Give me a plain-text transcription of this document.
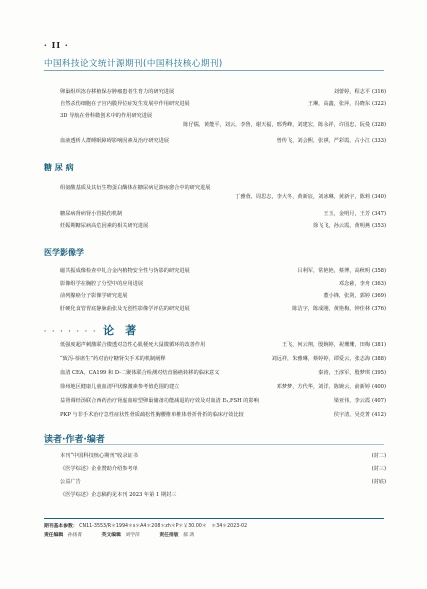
· II ·
中国科技论文统计源期刊(中国科技核心期刊)
卵巢组织冻存移植保存肿瘤患者生育力的研究进展	刘蕾婷，程志平 (316)
自然杀伤细胞在子宫内膜异位症发生发展中作用研究进展	王琳，高鑫，张萍，冯晓东 (322)
3D 导航在骨科微创术中的作用研究进展
陈仔儒，黄能平，刘云，李鲁，谢天福，邢秀峰，刘建宏，陈永祥，许国忠，阮曼 (328)
血液透析人群睡眠障碍影响因素及治疗研究进展	曾传飞，刘会熙，张祺，严彩霞，占小江 (333)
糖 尿 病
组氨酸基质及其衍生物蛋白酶体在糖尿病足溃疡愈合中的研究进展
丁雅蓉，周思志，李大冬，黄新宸，刘冰琳，黄新宇，陈莉 (340)
糖尿病肾病肾小管损伤机制	王玉，金明月，王芳 (347)
妊娠期糖尿病高危因素的相关研究进展	徐飞飞，孙云霞，黄明燕 (353)
医学影像学
磁共振成像检查中钆合金内植物安全性与伪影的研究进展	吕利军，常艳艳，蔡博，高秋明 (358)
影像组学在胸腔了分型中的应用进展	邓念慈，李舟 (363)
前列腺癌分子影像学研究进展	董小锋，张剑，郭婷 (369)
肝硬化食管胃底静脉曲张及无创性影像学评估的研究进展	陈洁宇，陈成刚，黄艳梅，钟佳林 (376)
· · · · · · · 论　著
低强度超声刺激联合微透对急性心肌梗死大鼠微循环的改善作用	王飞，何云翔，殷婉婷，祝珊珊，田梅 (381)
“致泻-萘席生”药对治疗糖肾尖手术的机制阐释	刘远祥，朱雅琳，蔡婷婷，谭爱云，张志海 (388)
血清 CEA、CA199 和 D-二聚体联合检测对结直肠癌转移的临床意义	秦涛，王淳军，殷梦琪 (395)
徐州地区健康儿童血清甲状腺激素参考值范围的建立	邓梦梦，方代华，刘洋，陈婉云，俞新婷 (400)
益肾调经汤联合西药治疗肾虚血瘀型卵巢储备功能减退的疗效及对血清 E₂,FSH 的影响	梁亚伟，李云霞 (407)
PKP 与非手术治疗急性症状性骨质疏松性胸腰椎单椎体骨折骨折的临床疗效比较	侯宇清，吴竞菁 (412)
读者·作者·编者
本刊“中国科技核心期刊”收录证书	(封二)
《医学综述》企业赞助介绍参考单	(封三)
公益广告	(封底)
《医学综述》企志稿约见本刊 2023 年第 1 期封三
期刊基本参数： CN11-3553/R＊1994＊s＊A4＊208＊zh＊P＊￥30.00＊　＊34＊2023-02
责任编辑 孙扬菁	英文编辑 刘学萍	责任排版 郝 鸿
